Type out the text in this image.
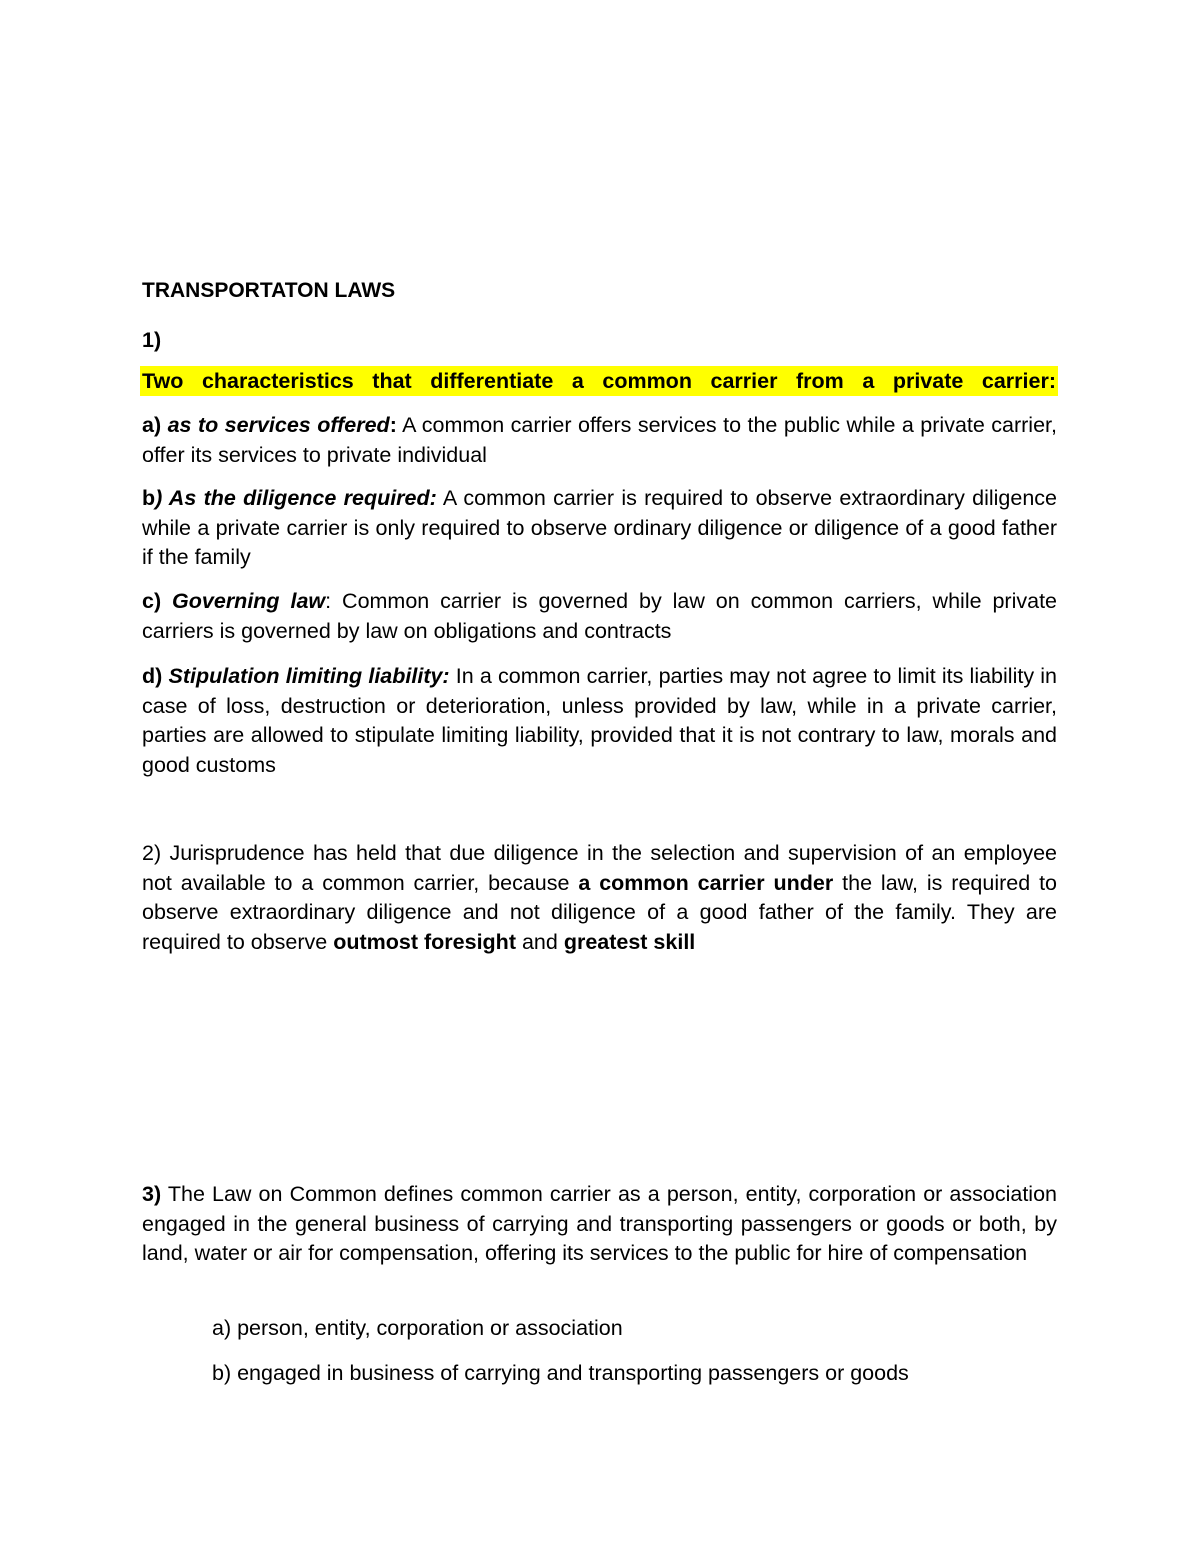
TRANSPORTATON LAWS

1)

Two characteristics that differentiate a common carrier from a private carrier:

a) as to services offered: A common carrier offers services to the public while a private carrier, offer its services to private individual

b) As the diligence required: A common carrier is required to observe extraordinary diligence while a private carrier is only required to observe ordinary diligence or diligence of a good father if the family

c) Governing law: Common carrier is governed by law on common carriers, while private carriers is governed by law on obligations and contracts

d) Stipulation limiting liability: In a common carrier, parties may not agree to limit its liability in case of loss, destruction or deterioration, unless provided by law, while in a private carrier, parties are allowed to stipulate limiting liability, provided that it is not contrary to law, morals and good customs

2) Jurisprudence has held that due diligence in the selection and supervision of an employee not available to a common carrier, because a common carrier under the law, is required to observe extraordinary diligence and not diligence of a good father of the family. They are required to observe outmost foresight and greatest skill

3) The Law on Common defines common carrier as a person, entity, corporation or association engaged in the general business of carrying and transporting passengers or goods or both, by land, water or air for compensation, offering its services to the public for hire of compensation

a) person, entity, corporation or association

b) engaged in business of carrying and transporting passengers or goods
